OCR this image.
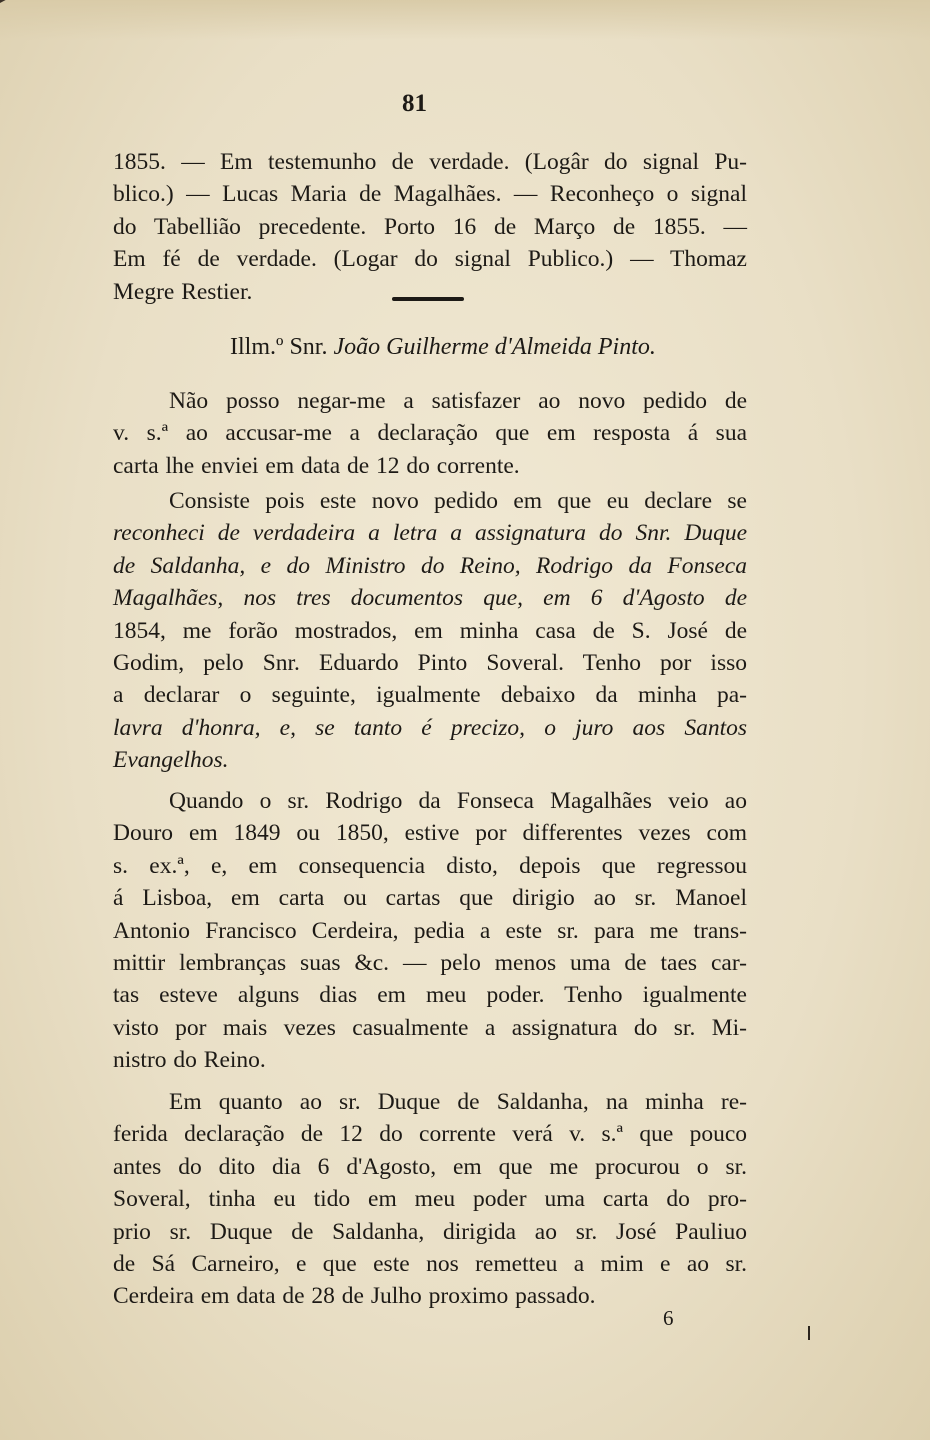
81

1855. — Em testemunho de verdade. (Logâr do signal Pu-
blico.) — Lucas Maria de Magalhães. — Reconheço o signal
do Tabellião precedente. Porto 16 de Março de 1855. —
Em fé de verdade. (Logar do signal Publico.) — Thomaz
Megre Restier.

Illm.º Snr. João Guilherme d'Almeida Pinto.

Não posso negar-me a satisfazer ao novo pedido de
v. s.ª ao accusar-me a declaração que em resposta á sua
carta lhe enviei em data de 12 do corrente.

Consiste pois este novo pedido em que eu declare se
reconheci de verdadeira a letra a assignatura do Snr. Duque
de Saldanha, e do Ministro do Reino, Rodrigo da Fonseca
Magalhães, nos tres documentos que, em 6 d'Agosto de
1854, me forão mostrados, em minha casa de S. José de
Godim, pelo Snr. Eduardo Pinto Soveral. Tenho por isso
a declarar o seguinte, igualmente debaixo da minha pa-
lavra d'honra, e, se tanto é precizo, o juro aos Santos
Evangelhos.

Quando o sr. Rodrigo da Fonseca Magalhães veio ao
Douro em 1849 ou 1850, estive por differentes vezes com
s. ex.ª, e, em consequencia disto, depois que regressou
á Lisboa, em carta ou cartas que dirigio ao sr. Manoel
Antonio Francisco Cerdeira, pedia a este sr. para me trans-
mittir lembranças suas &c. — pelo menos uma de taes car-
tas esteve alguns dias em meu poder. Tenho igualmente
visto por mais vezes casualmente a assignatura do sr. Mi-
nistro do Reino.

Em quanto ao sr. Duque de Saldanha, na minha re-
ferida declaração de 12 do corrente verá v. s.ª que pouco
antes do dito dia 6 d'Agosto, em que me procurou o sr.
Soveral, tinha eu tido em meu poder uma carta do pro-
prio sr. Duque de Saldanha, dirigida ao sr. José Pauliuo
de Sá Carneiro, e que este nos remetteu a mim e ao sr.
Cerdeira em data de 28 de Julho proximo passado.

6
